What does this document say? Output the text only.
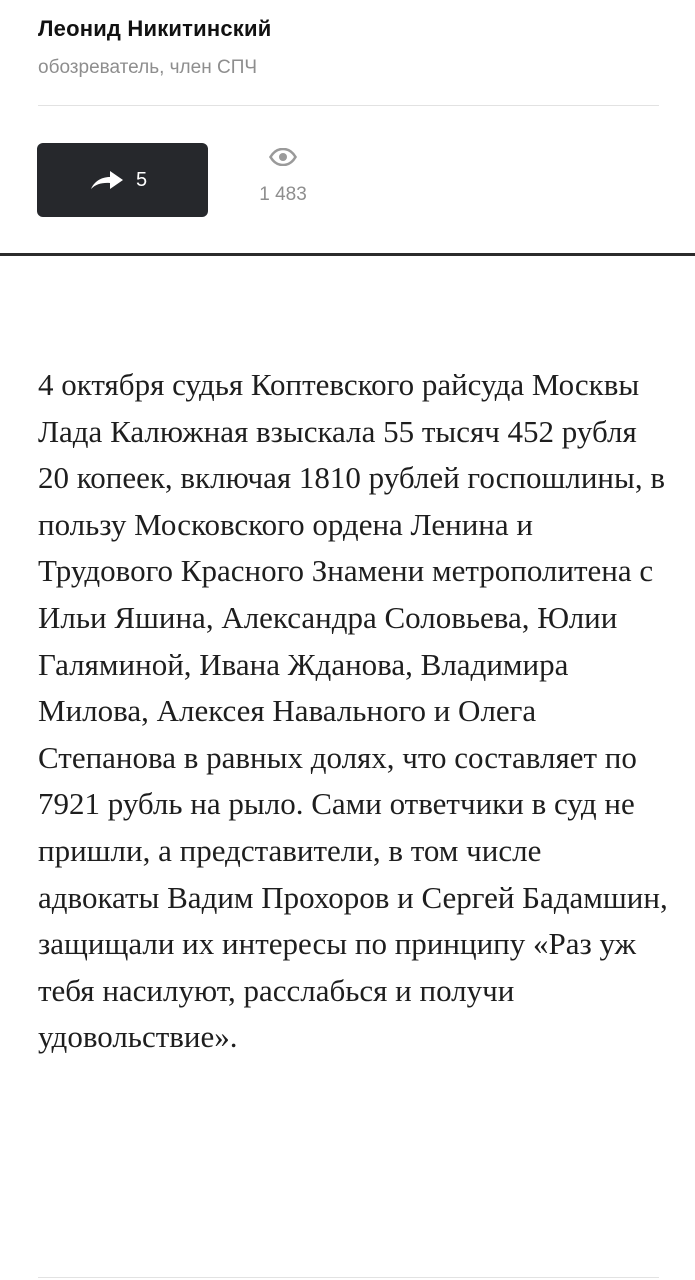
Леонид Никитинский
обозреватель, член СПЧ
5
1 483

4 октября судья Коптевского райсуда Москвы Лада Калюжная взыскала 55 тысяч 452 рубля 20 копеек, включая 1810 рублей госпошлины, в пользу Московского ордена Ленина и Трудового Красного Знамени метрополитена с Ильи Яшина, Александра Соловьева, Юлии Галяминой, Ивана Жданова, Владимира Милова, Алексея Навального и Олега Степанова в равных долях, что составляет по 7921 рубль на рыло. Сами ответчики в суд не пришли, а представители, в том числе адвокаты Вадим Прохоров и Сергей Бадамшин, защищали их интересы по принципу «Раз уж тебя насилуют, расслабься и получи удовольствие».
